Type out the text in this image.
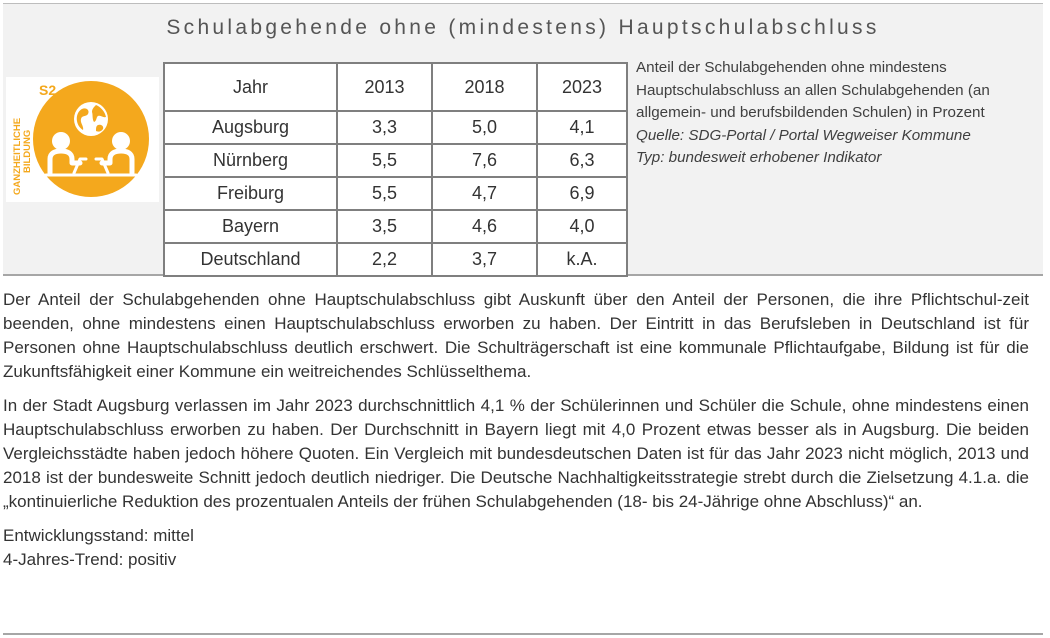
Schulabgehende ohne (mindestens) Hauptschulabschluss
GANZHEITLICHE BILDUNG
S2	Jahr	2013	2018	2023
Augsburg	3,3	5,0	4,1
Nürnberg	5,5	7,6	6,3
Freiburg	5,5	4,7	6,9
Bayern	3,5	4,6	4,0
Deutschland	2,2	3,7	k.A.
Anteil der Schulabgehenden ohne mindestens
Hauptschulabschluss an allen Schulabgehenden (an
allgemein- und berufsbildenden Schulen) in Prozent
Quelle: SDG-Portal / Portal Wegweiser Kommune
Typ: bundesweit erhobener Indikator

Der Anteil der Schulabgehenden ohne Hauptschulabschluss gibt Auskunft über den Anteil der Personen, die ihre Pflichtschul-zeit beenden, ohne mindestens einen Hauptschulabschluss erworben zu haben. Der Eintritt in das Berufsleben in Deutschland ist für Personen ohne Hauptschulabschluss deutlich erschwert. Die Schulträgerschaft ist eine kommunale Pflichtaufgabe, Bildung ist für die Zukunftsfähigkeit einer Kommune ein weitreichendes Schlüsselthema.

In der Stadt Augsburg verlassen im Jahr 2023 durchschnittlich 4,1 % der Schülerinnen und Schüler die Schule, ohne mindestens einen Hauptschulabschluss erworben zu haben. Der Durchschnitt in Bayern liegt mit 4,0 Prozent etwas besser als in Augsburg. Die beiden Vergleichsstädte haben jedoch höhere Quoten. Ein Vergleich mit bundesdeutschen Daten ist für das Jahr 2023 nicht möglich, 2013 und 2018 ist der bundesweite Schnitt jedoch deutlich niedriger. Die Deutsche Nachhaltigkeitsstrategie strebt durch die Zielsetzung 4.1.a. die „kontinuierliche Reduktion des prozentualen Anteils der frühen Schulabgehenden (18- bis 24-Jährige ohne Abschluss)“ an.

Entwicklungsstand: mittel

4-Jahres-Trend: positiv
